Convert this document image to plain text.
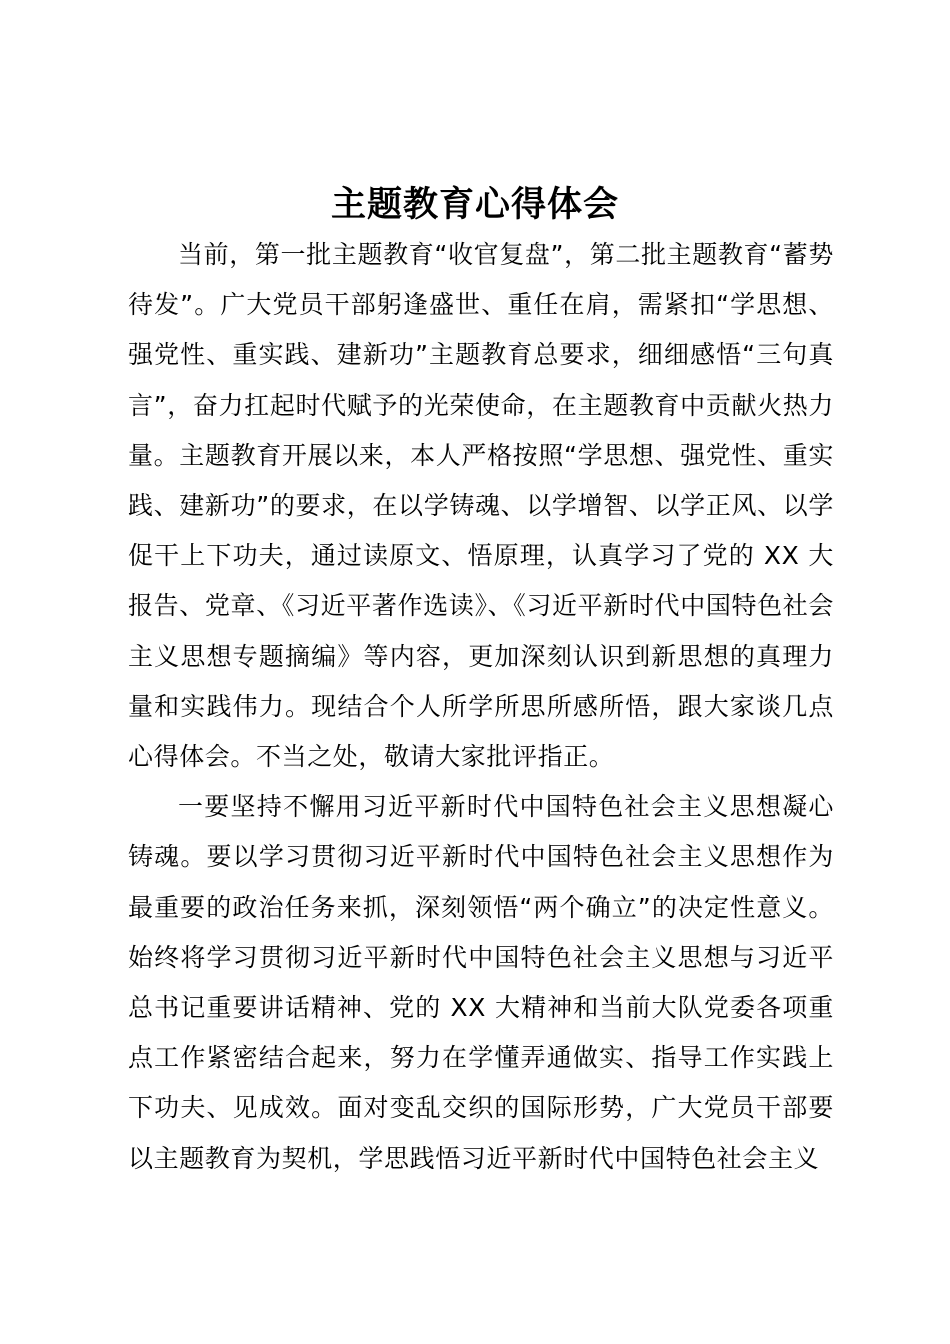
主题教育心得体会

当前，第一批主题教育“收官复盘”，第二批主题教育“蓄势待发”。广大党员干部躬逢盛世、重任在肩，需紧扣“学思想、强党性、重实践、建新功”主题教育总要求，细细感悟“三句真言”，奋力扛起时代赋予的光荣使命，在主题教育中贡献火热力量。主题教育开展以来，本人严格按照“学思想、强党性、重实践、建新功”的要求，在以学铸魂、以学增智、以学正风、以学促干上下功夫，通过读原文、悟原理，认真学习了党的 XX 大报告、党章、《习近平著作选读》、《习近平新时代中国特色社会主义思想专题摘编》等内容，更加深刻认识到新思想的真理力量和实践伟力。现结合个人所学所思所感所悟，跟大家谈几点心得体会。不当之处，敬请大家批评指正。

一要坚持不懈用习近平新时代中国特色社会主义思想凝心铸魂。要以学习贯彻习近平新时代中国特色社会主义思想作为最重要的政治任务来抓，深刻领悟“两个确立”的决定性意义。始终将学习贯彻习近平新时代中国特色社会主义思想与习近平总书记重要讲话精神、党的 XX 大精神和当前大队党委各项重点工作紧密结合起来，努力在学懂弄通做实、指导工作实践上下功夫、见成效。面对变乱交织的国际形势，广大党员干部要以主题教育为契机，学思践悟习近平新时代中国特色社会主义
